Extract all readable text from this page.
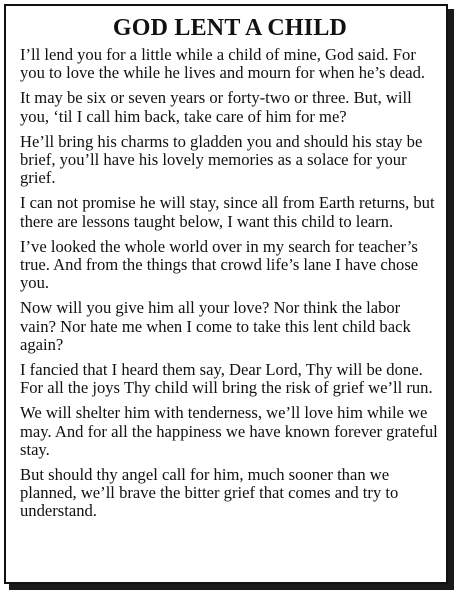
GOD LENT A CHILD

I’ll lend you for a little while a child of mine, God said. For you to love the while he lives and mourn for when he’s dead.

It may be six or seven years or forty-two or three. But, will you, ‘til I call him back, take care of him for me?

He’ll bring his charms to gladden you and should his stay be brief, you’ll have his lovely memories as a solace for your grief.

I can not promise he will stay, since all from Earth returns, but there are lessons taught below, I want this child to learn.

I’ve looked the whole world over in my search for teacher’s true. And from the things that crowd life’s lane I have chose you.

Now will you give him all your love? Nor think the labor vain? Nor hate me when I come to take this lent child back again?

I fancied that I heard them say, Dear Lord, Thy will be done. For all the joys Thy child will bring the risk of grief we’ll run.

We will shelter him with tenderness, we’ll love him while we may. And for all the happiness we have known forever grateful stay.

But should thy angel call for him, much sooner than we planned, we’ll brave the bitter grief that comes and try to understand.
